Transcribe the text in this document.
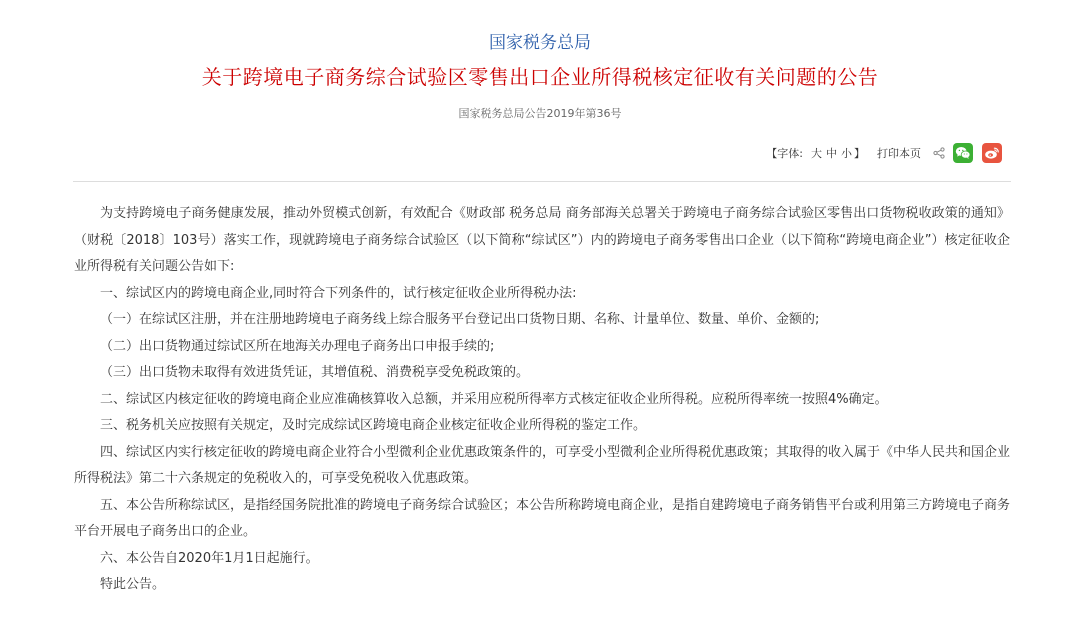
国家税务总局
关于跨境电子商务综合试验区零售出口企业所得税核定征收有关问题的公告
国家税务总局公告2019年第36号
【字体: 大 中 小 】 打印本页

为支持跨境电子商务健康发展，推动外贸模式创新，有效配合《财政部 税务总局 商务部海关总署关于跨境电子商务综合试验区零售出口货物税收政策的通知》（财税〔2018〕103号）落实工作，现就跨境电子商务综合试验区（以下简称“综试区”）内的跨境电子商务零售出口企业（以下简称“跨境电商企业”）核定征收企业所得税有关问题公告如下:

一、综试区内的跨境电商企业,同时符合下列条件的，试行核定征收企业所得税办法:

（一）在综试区注册，并在注册地跨境电子商务线上综合服务平台登记出口货物日期、名称、计量单位、数量、单价、金额的;

（二）出口货物通过综试区所在地海关办理电子商务出口申报手续的;

（三）出口货物未取得有效进货凭证，其增值税、消费税享受免税政策的。

二、综试区内核定征收的跨境电商企业应准确核算收入总额，并采用应税所得率方式核定征收企业所得税。应税所得率统一按照4%确定。

三、税务机关应按照有关规定，及时完成综试区跨境电商企业核定征收企业所得税的鉴定工作。

四、综试区内实行核定征收的跨境电商企业符合小型微利企业优惠政策条件的，可享受小型微利企业所得税优惠政策；其取得的收入属于《中华人民共和国企业所得税法》第二十六条规定的免税收入的，可享受免税收入优惠政策。

五、本公告所称综试区，是指经国务院批准的跨境电子商务综合试验区；本公告所称跨境电商企业，是指自建跨境电子商务销售平台或利用第三方跨境电子商务平台开展电子商务出口的企业。

六、本公告自2020年1月1日起施行。

特此公告。
